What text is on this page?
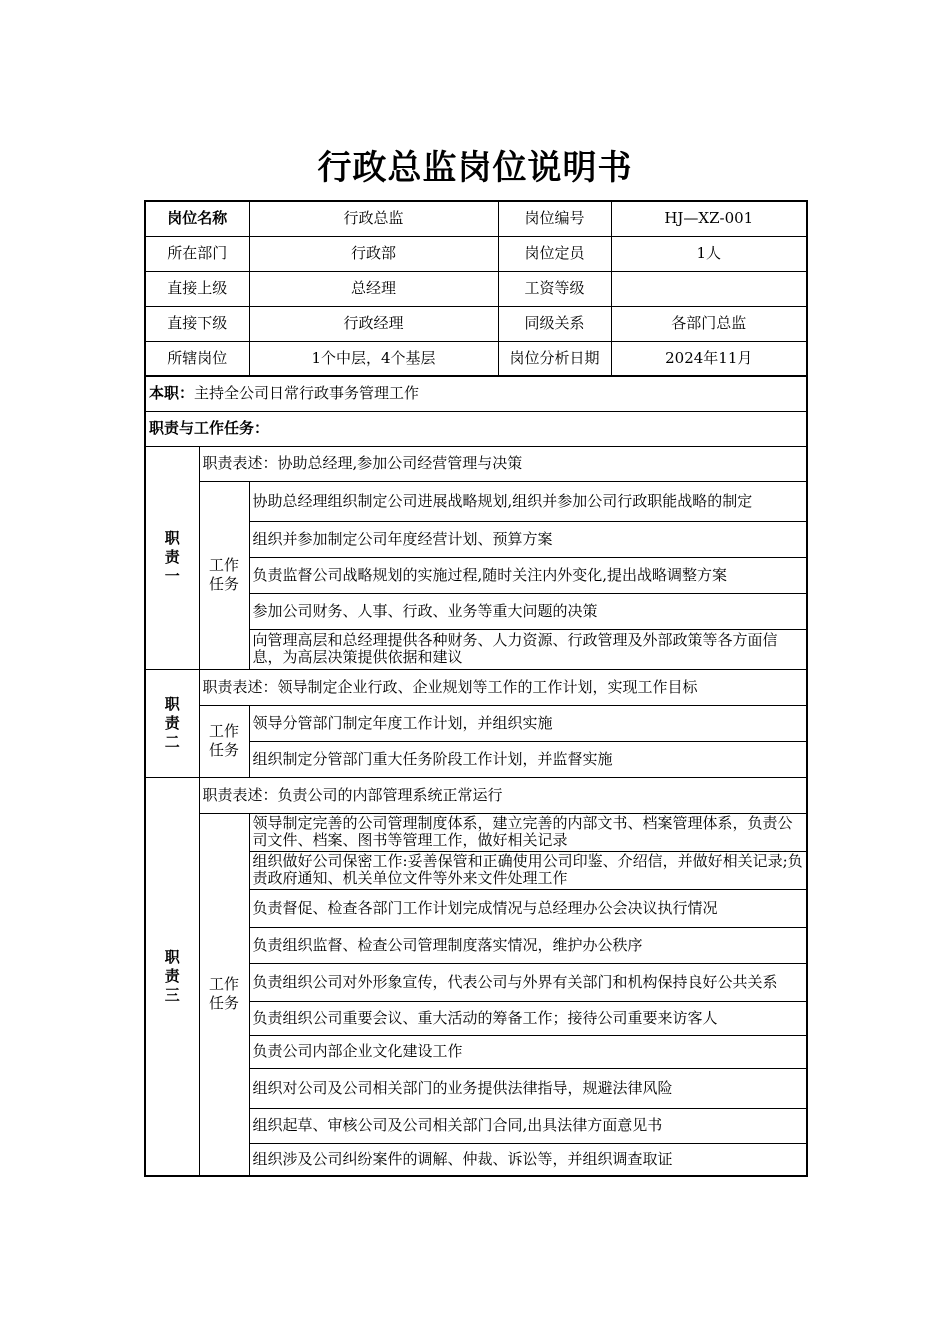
行政总监岗位说明书
岗位名称		行政总监	岗位编号	HJ—XZ-001
所在部门		行政部	岗位定员	1人
直接上级		总经理	工资等级	
直接下级		行政经理	同级关系	各部门总监
所辖岗位		1个中层，4个基层	岗位分析日期	2024年11月
本职：主持全公司日常行政事务管理工作				
职责与工作任务：				

职
责
一	职责表述：协助总经理,参加公司经营管理与决策			

	工作
任务	协助总经理组织制定公司进展战略规划,组织并参加公司行政职能战略的制定		
		组织并参加制定公司年度经营计划、预算方案		
		负责监督公司战略规划的实施过程,随时关注内外变化,提出战略调整方案		
		参加公司财务、人事、行政、业务等重大问题的决策		
		向管理高层和总经理提供各种财务、人力资源、行政管理及外部政策等各方面信息，为高层决策提供依据和建议		

职
责
二	职责表述：领导制定企业行政、企业规划等工作的工作计划，实现工作目标			

	工作
任务	领导分管部门制定年度工作计划，并组织实施		
		组织制定分管部门重大任务阶段工作计划，并监督实施		

职
责
三	职责表述：负责公司的内部管理系统正常运行			

	工作
任务	领导制定完善的公司管理制度体系，建立完善的内部文书、档案管理体系，负责公司文件、档案、图书等管理工作，做好相关记录		
		组织做好公司保密工作:妥善保管和正确使用公司印鉴、介绍信，并做好相关记录;负责政府通知、机关单位文件等外来文件处理工作		
		负责督促、检查各部门工作计划完成情况与总经理办公会决议执行情况		
		负责组织监督、检查公司管理制度落实情况，维护办公秩序		
		负责组织公司对外形象宣传，代表公司与外界有关部门和机构保持良好公共关系		
		负责组织公司重要会议、重大活动的筹备工作；接待公司重要来访客人		
		负责公司内部企业文化建设工作		
		组织对公司及公司相关部门的业务提供法律指导，规避法律风险		
		组织起草、审核公司及公司相关部门合同,出具法律方面意见书		
		组织涉及公司纠纷案件的调解、仲裁、诉讼等，并组织调查取证		
